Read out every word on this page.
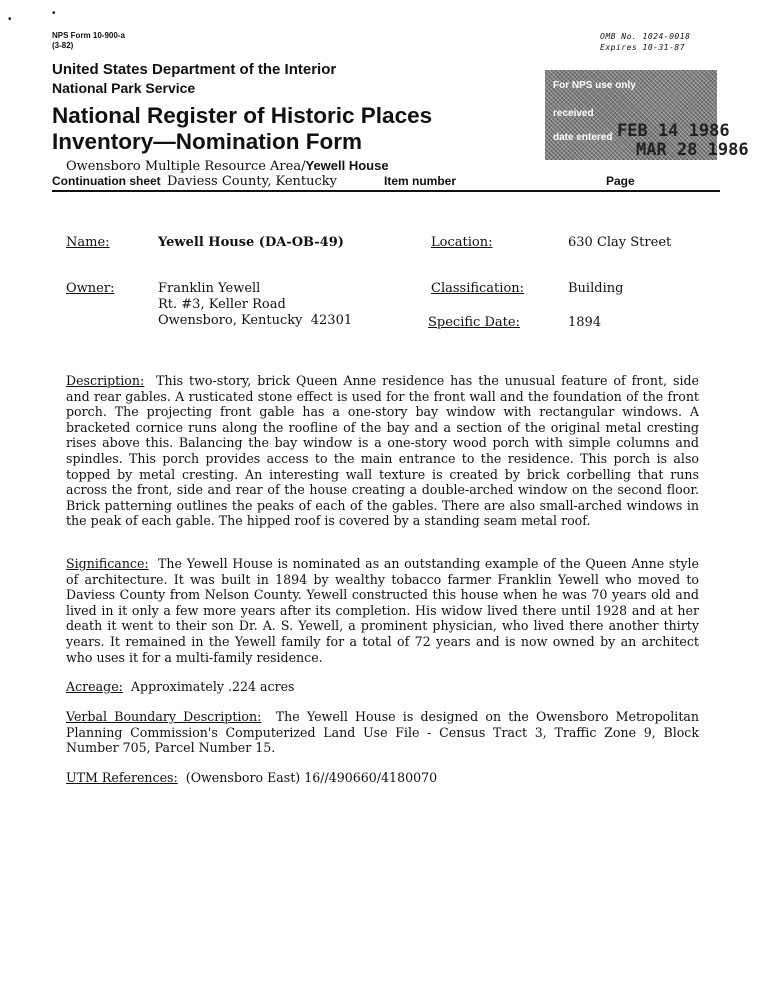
•
•
NPS Form 10-900-a
(3-82)
OMB No. 1024-0018
Expires 10-31-87
United States Department of the Interior
National Park Service
National Register of Historic Places
Inventory—Nomination Form
For NPS use only
received
date entered FEB 14 1986
MAR 28 1986
Owensboro Multiple Resource Area/Yewell House
Continuation sheet Daviess County, Kentucky	Item number	Page
Name:	Yewell House (DA-OB-49)	Location:	630 Clay Street
Owner:	Franklin Yewell
Rt. #3, Keller Road
Owensboro, Kentucky  42301
Classification:	Building
Specific Date:	1894
Description: This two-story, brick Queen Anne residence has the unusual feature of front, side and rear gables. A rusticated stone effect is used for the front wall and the foundation of the front porch. The projecting front gable has a one-story bay window with rectangular windows. A bracketed cornice runs along the roofline of the bay and a section of the original metal cresting rises above this. Balancing the bay window is a one-story wood porch with simple columns and spindles. This porch provides access to the main entrance to the residence. This porch is also topped by metal cresting. An interesting wall texture is created by brick corbelling that runs across the front, side and rear of the house creating a double-arched window on the second floor. Brick patterning outlines the peaks of each of the gables. There are also small-arched windows in the peak of each gable. The hipped roof is covered by a standing seam metal roof.
Significance: The Yewell House is nominated as an outstanding example of the Queen Anne style of architecture. It was built in 1894 by wealthy tobacco farmer Franklin Yewell who moved to Daviess County from Nelson County. Yewell constructed this house when he was 70 years old and lived in it only a few more years after its completion. His widow lived there until 1928 and at her death it went to their son Dr. A. S. Yewell, a prominent physician, who lived there another thirty years. It remained in the Yewell family for a total of 72 years and is now owned by an architect who uses it for a multi-family residence.
Acreage: Approximately .224 acres
Verbal Boundary Description: The Yewell House is designed on the Owensboro Metropolitan Planning Commission's Computerized Land Use File - Census Tract 3, Traffic Zone 9, Block Number 705, Parcel Number 15.
UTM References: (Owensboro East) 16//490660/4180070
